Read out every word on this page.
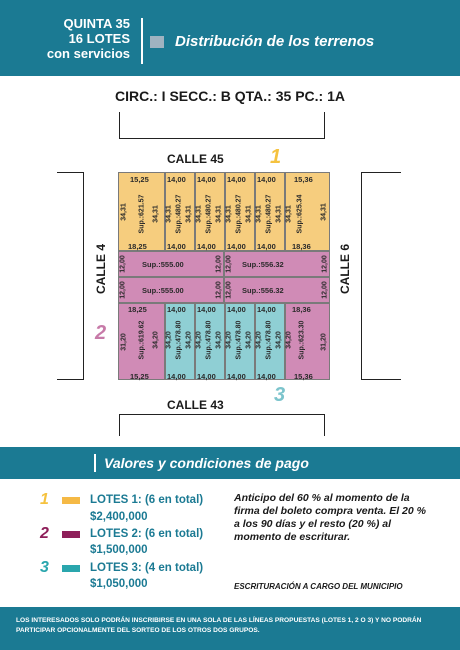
QUINTA 35
16 LOTES
con servicios
Distribución de los terrenos
CIRC.: I SECC.: B QTA.: 35 PC.: 1A
CALLE 45
CALLE 43
CALLE 4	CALLE 6
1
2
3
15,25 14,00 14,00 14,00 14,00 15,36
18,25	14,00 14,00 14,00 14,00 18,36
34,31	34,31
Sup.:621.57 34,31 34,31 Sup.:480.27 34,31 34,31 Sup.:480.27 34,31 34,31 Sup.:480.27 34,31 34,31 Sup.:480.27 34,31 34,31 Sup.:625.34
12,00
12,00
12,00 12,00
12,00 12,00
12,00
12,00
Sup.:555.00	Sup.:556.32
Sup.:555.00	Sup.:556.32
18,25	14,00 14,00 14,00 14,00 18,36
15,25 14,00 14,00 14,00 14,00 15,36
31,20	31,20
Sup.:619.62 34,20 34,20 Sup.:478.80 34,20 34,20 Sup.:478.80 34,20 34,20 Sup.:478.80 34,20 34,20 Sup.:478.80 34,20 34,20 Sup.:623.30
Valores y condiciones de pago
1	LOTES 1: (6 en total)
$2,400,000
2	LOTES 2: (6 en total)
$1,500,000
3	LOTES 3: (4 en total)
$1,050,000
Anticipo del 60 % al momento de la firma del boleto compra venta. El 20 % a los 90 días y el resto (20 %) al momento de escriturar.
ESCRITURACIÓN A CARGO DEL MUNICIPIO
LOS INTERESADOS SOLO PODRÁN INSCRIBIRSE EN UNA SOLA DE LAS LÍNEAS PROPUESTAS (LOTES 1, 2 O 3) Y NO PODRÁN PARTICIPAR OPCIONALMENTE DEL SORTEO DE LOS OTROS DOS GRUPOS.
